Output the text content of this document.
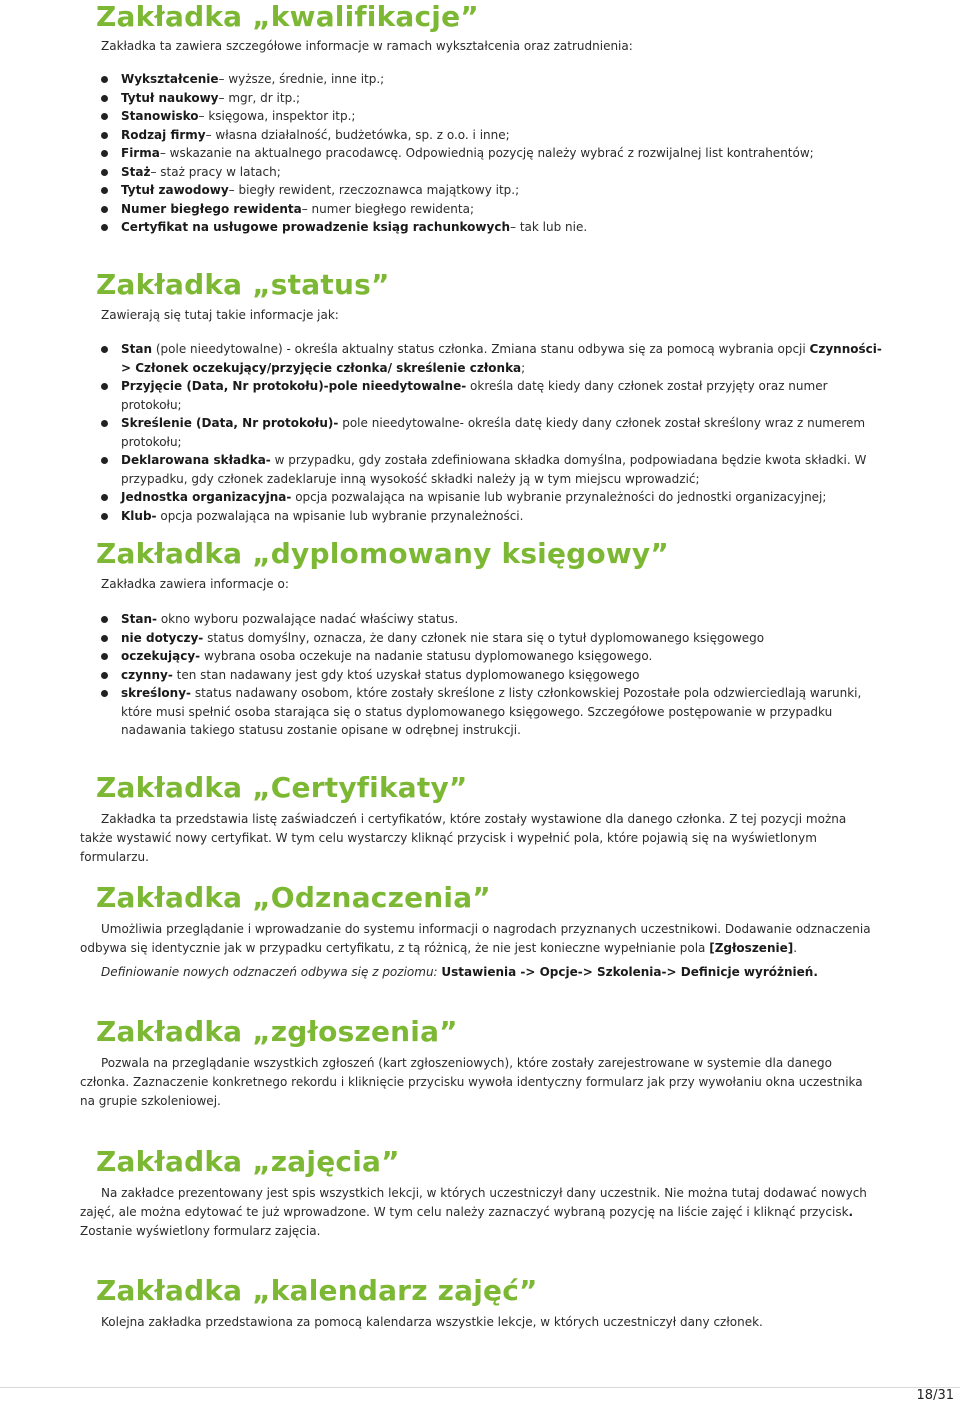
Zakładka „kwalifikacje”

Zakładka ta zawiera szczegółowe informacje w ramach wykształcenia oraz zatrudnienia:

Wykształcenie– wyższe, średnie, inne itp.;
Tytuł naukowy– mgr, dr itp.;
Stanowisko– księgowa, inspektor itp.;
Rodzaj firmy– własna działalność, budżetówka, sp. z o.o. i inne;
Firma– wskazanie na aktualnego pracodawcę. Odpowiednią pozycję należy wybrać z rozwijalnej list kontrahentów;
Staż– staż pracy w latach;
Tytuł zawodowy– biegły rewident, rzeczoznawca majątkowy itp.;
Numer biegłego rewidenta– numer biegłego rewidenta;
Certyfikat na usługowe prowadzenie ksiąg rachunkowych– tak lub nie.
Zakładka „status”

Zawierają się tutaj takie informacje jak:

Stan (pole nieedytowalne) - określa aktualny status członka. Zmiana stanu odbywa się za pomocą wybrania opcji Czynności-> Członek oczekujący/przyjęcie członka/ skreślenie członka;
Przyjęcie (Data, Nr protokołu)-pole nieedytowalne- określa datę kiedy dany członek został przyjęty oraz numer protokołu;
Skreślenie (Data, Nr protokołu)- pole nieedytowalne- określa datę kiedy dany członek został skreślony wraz z numerem protokołu;
Deklarowana składka- w przypadku, gdy została zdefiniowana składka domyślna, podpowiadana będzie kwota składki. W przypadku, gdy członek zadeklaruje inną wysokość składki należy ją w tym miejscu wprowadzić;
Jednostka organizacyjna- opcja pozwalająca na wpisanie lub wybranie przynależności do jednostki organizacyjnej;
Klub- opcja pozwalająca na wpisanie lub wybranie przynależności.
Zakładka „dyplomowany księgowy”

Zakładka zawiera informacje o:

Stan- okno wyboru pozwalające nadać właściwy status.
nie dotyczy- status domyślny, oznacza, że dany członek nie stara się o tytuł dyplomowanego księgowego
oczekujący- wybrana osoba oczekuje na nadanie statusu dyplomowanego księgowego.
czynny- ten stan nadawany jest gdy ktoś uzyskał status dyplomowanego księgowego
skreślony- status nadawany osobom, które zostały skreślone z listy członkowskiej Pozostałe pola odzwierciedlają warunki, które musi spełnić osoba starająca się o status dyplomowanego księgowego. Szczegółowe postępowanie w przypadku nadawania takiego statusu zostanie opisane w odrębnej instrukcji.
Zakładka „Certyfikaty”

Zakładka ta przedstawia listę zaświadczeń i certyfikatów, które zostały wystawione dla danego członka. Z tej pozycji można także wystawić nowy certyfikat. W tym celu wystarczy kliknąć przycisk i wypełnić pola, które pojawią się na wyświetlonym formularzu.

Zakładka „Odznaczenia”

Umożliwia przeglądanie i wprowadzanie do systemu informacji o nagrodach przyznanych uczestnikowi. Dodawanie odznaczenia odbywa się identycznie jak w przypadku certyfikatu, z tą różnicą, że nie jest konieczne wypełnianie pola [Zgłoszenie].

Definiowanie nowych odznaczeń odbywa się z poziomu: Ustawienia -> Opcje-> Szkolenia-> Definicje wyróżnień.

Zakładka „zgłoszenia”

Pozwala na przeglądanie wszystkich zgłoszeń (kart zgłoszeniowych), które zostały zarejestrowane w systemie dla danego członka. Zaznaczenie konkretnego rekordu i kliknięcie przycisku wywoła identyczny formularz jak przy wywołaniu okna uczestnika na grupie szkoleniowej.

Zakładka „zajęcia”

Na zakładce prezentowany jest spis wszystkich lekcji, w których uczestniczył dany uczestnik. Nie można tutaj dodawać nowych zajęć, ale można edytować te już wprowadzone. W tym celu należy zaznaczyć wybraną pozycję na liście zajęć i kliknąć przycisk. Zostanie wyświetlony formularz zajęcia.

Zakładka „kalendarz zajęć”

Kolejna zakładka przedstawiona za pomocą kalendarza wszystkie lekcje, w których uczestniczył dany członek.

18/31
